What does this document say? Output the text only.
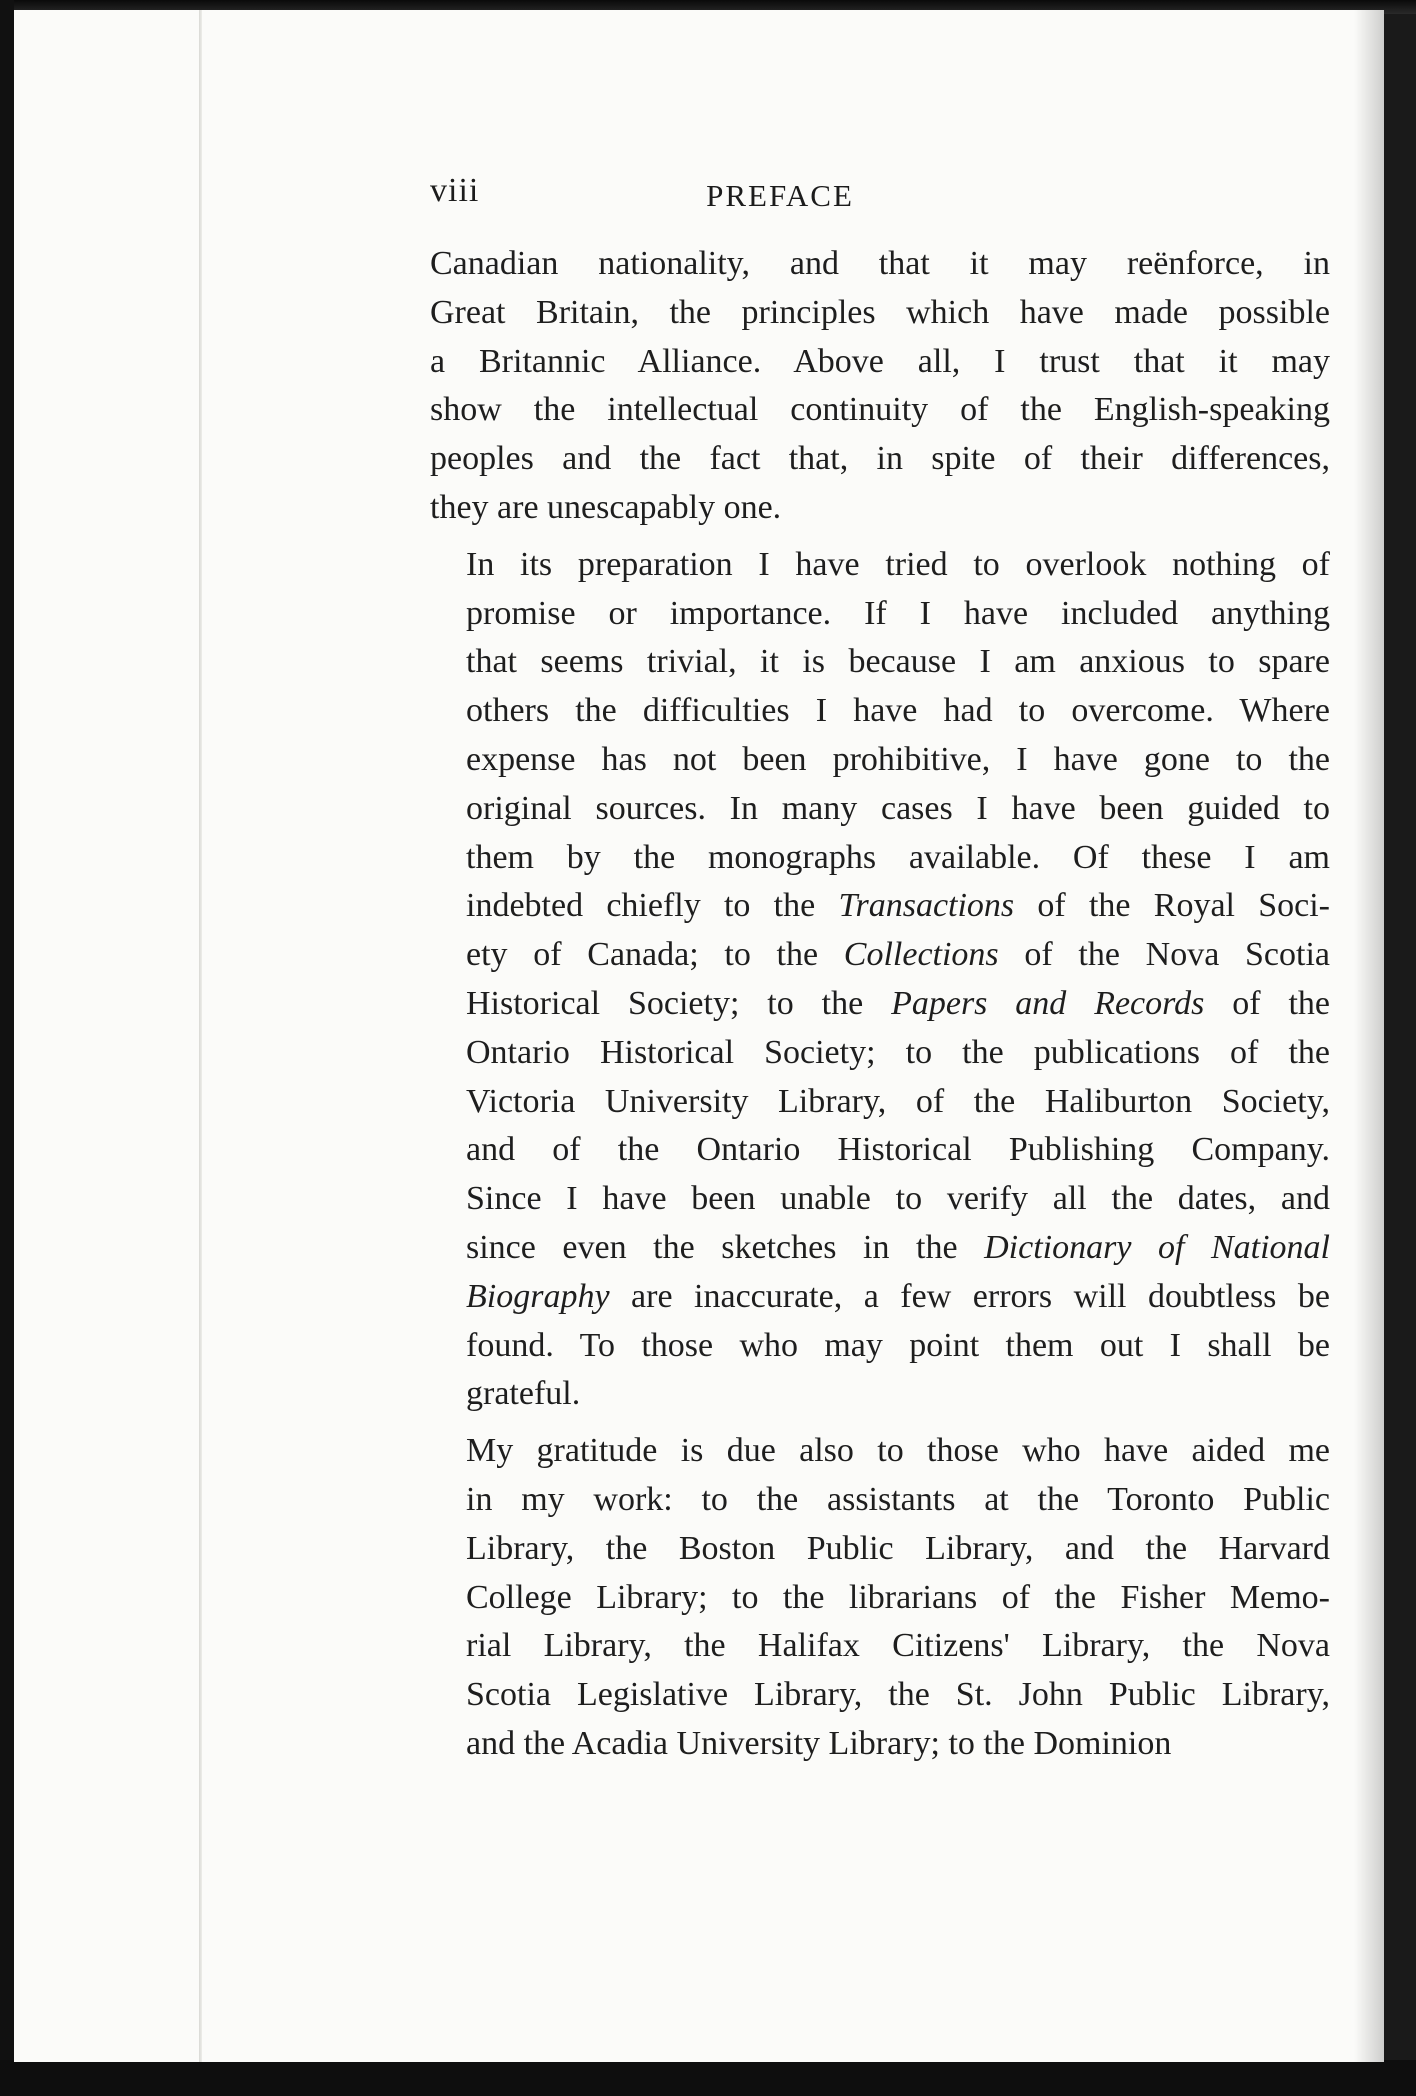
viii	PREFACE

Canadian nationality, and that it may reënforce, in
Great Britain, the principles which have made possible
a Britannic Alliance. Above all, I trust that it may
show the intellectual continuity of the English-speaking
peoples and the fact that, in spite of their differences,
they are unescapably one.

In its preparation I have tried to overlook nothing of
promise or importance. If I have included anything
that seems trivial, it is because I am anxious to spare
others the difficulties I have had to overcome. Where
expense has not been prohibitive, I have gone to the
original sources. In many cases I have been guided to
them by the monographs available. Of these I am
indebted chiefly to the Transactions of the Royal Soci-
ety of Canada; to the Collections of the Nova Scotia
Historical Society; to the Papers and Records of the
Ontario Historical Society; to the publications of the
Victoria University Library, of the Haliburton Society,
and of the Ontario Historical Publishing Company.
Since I have been unable to verify all the dates, and
since even the sketches in the Dictionary of National
Biography are inaccurate, a few errors will doubtless be
found. To those who may point them out I shall be
grateful.

My gratitude is due also to those who have aided me
in my work: to the assistants at the Toronto Public
Library, the Boston Public Library, and the Harvard
College Library; to the librarians of the Fisher Memo-
rial Library, the Halifax Citizens' Library, the Nova
Scotia Legislative Library, the St. John Public Library,
and the Acadia University Library; to the Dominion
